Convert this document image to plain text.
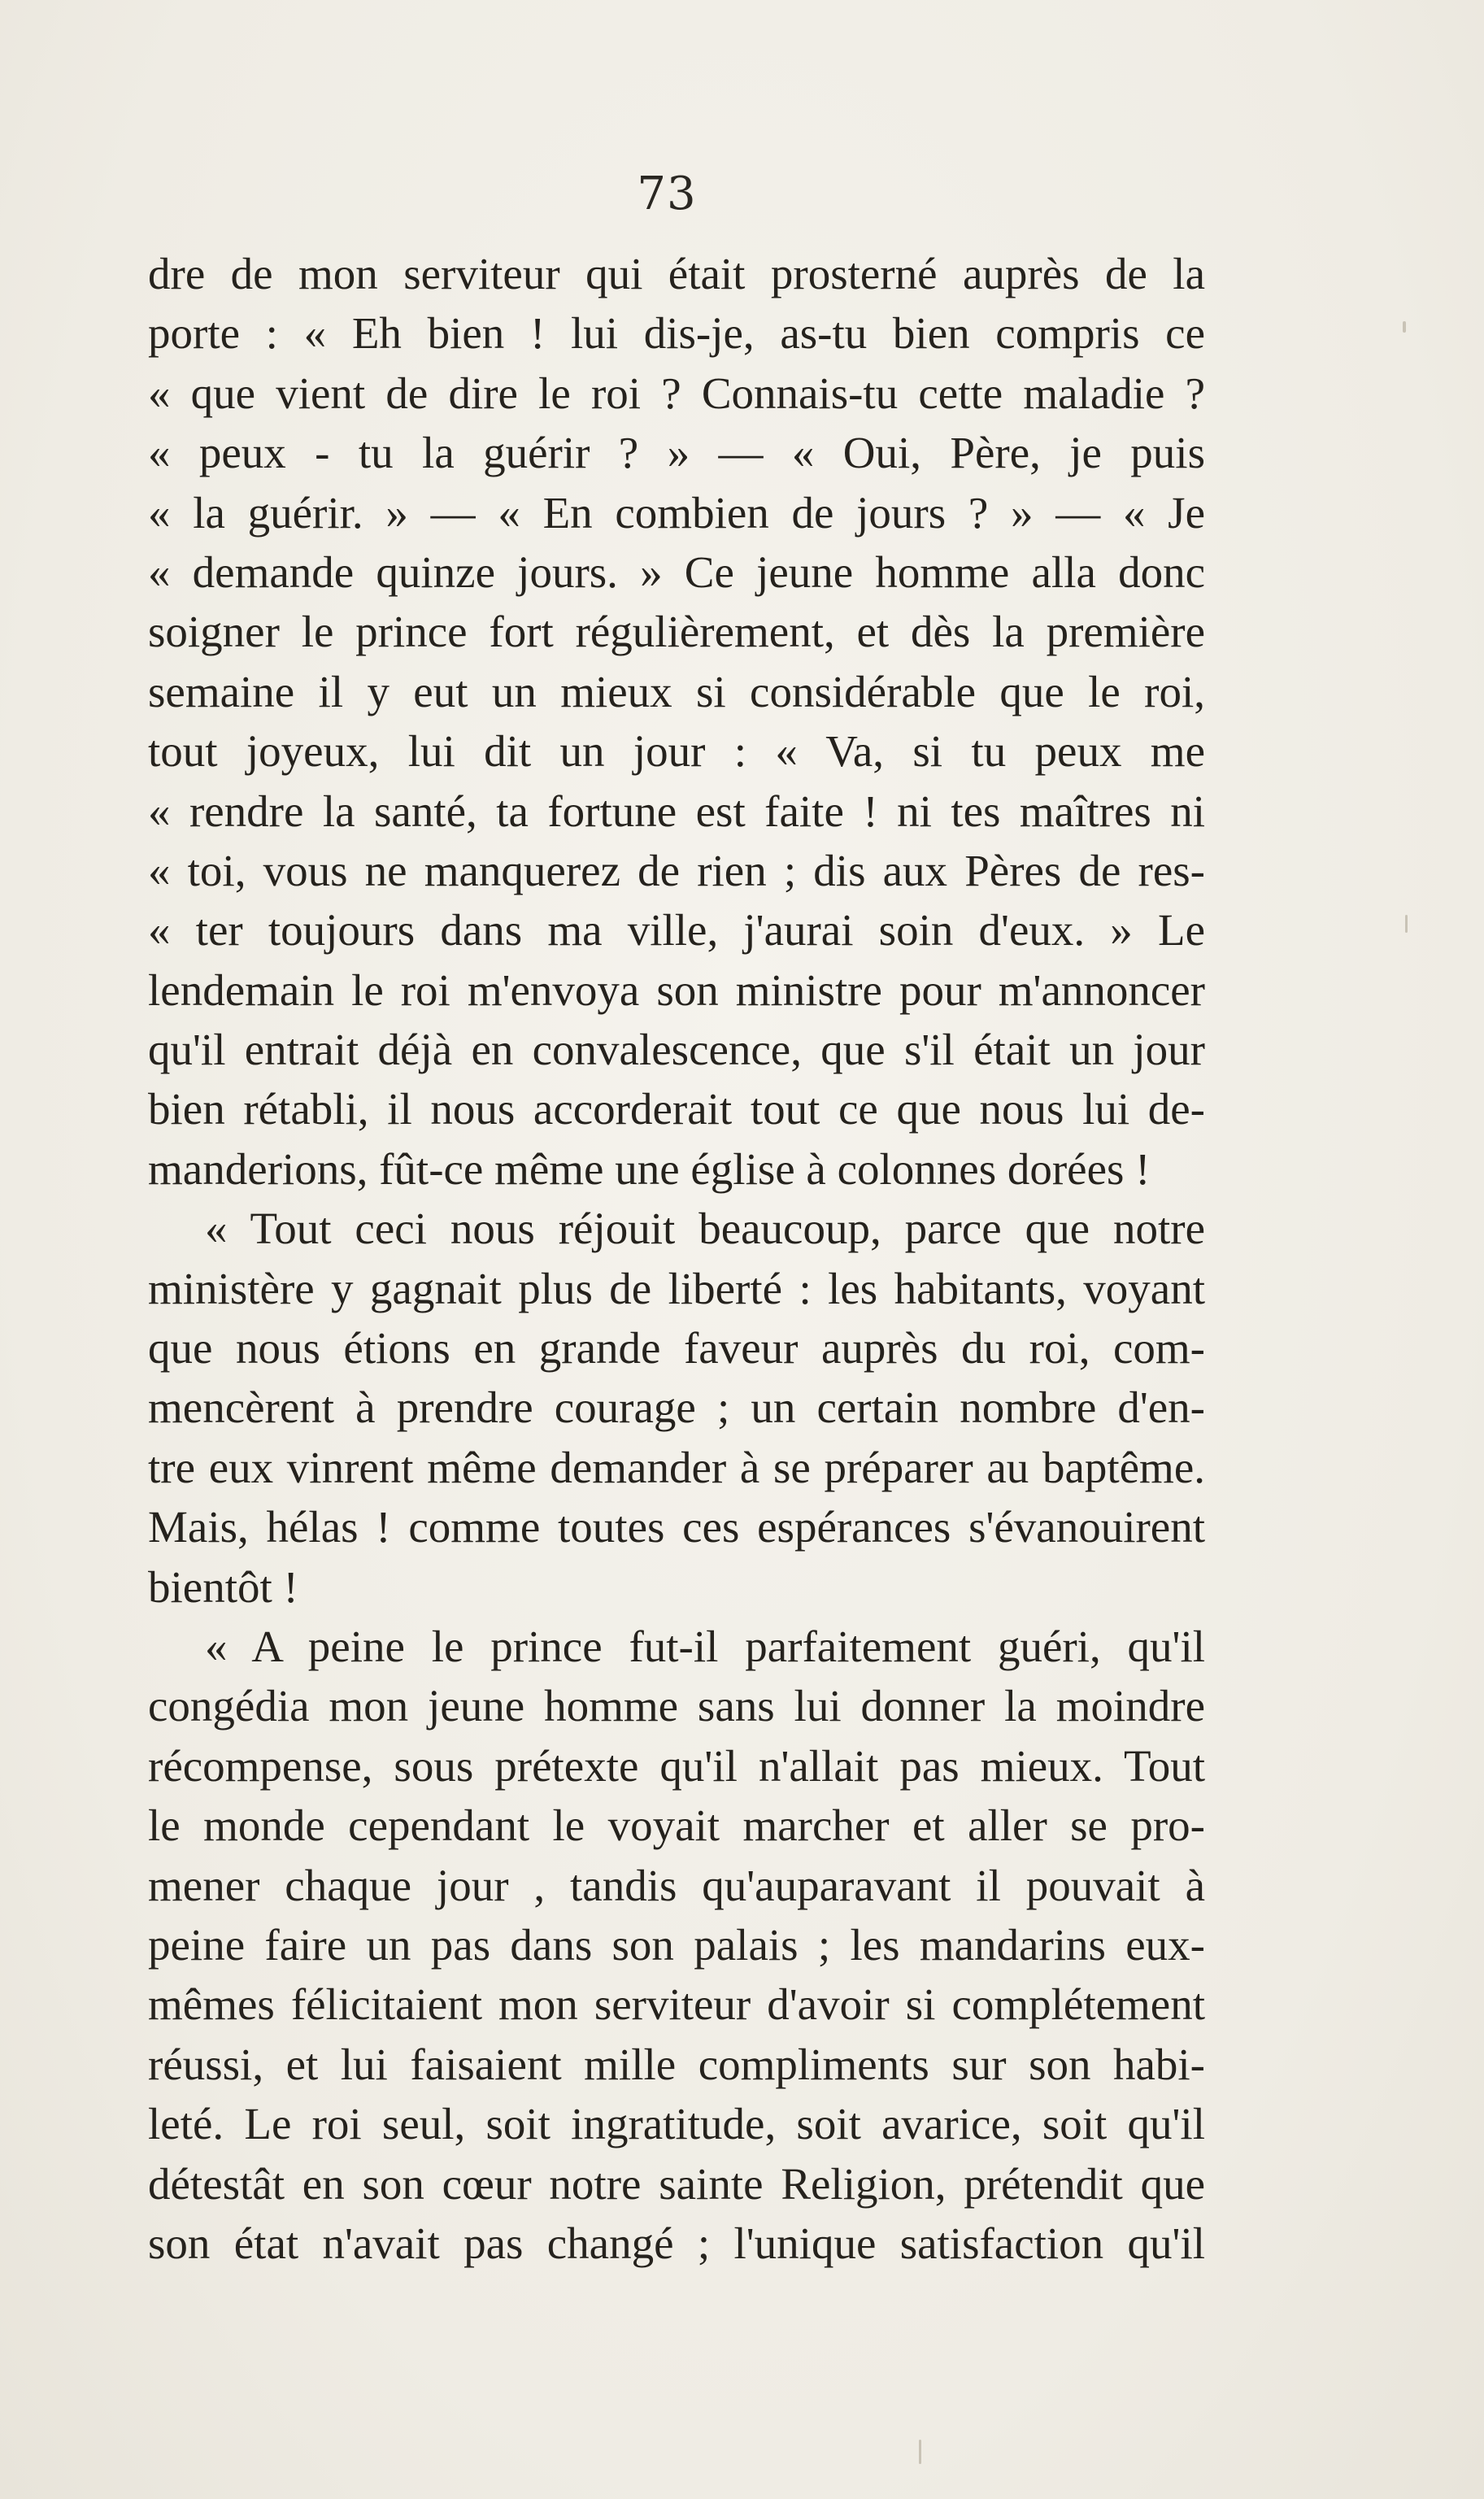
73
dre de mon serviteur qui était prosterné auprès de la
porte : « Eh bien ! lui dis-je, as-tu bien compris ce
« que vient de dire le roi ? Connais-tu cette maladie ?
« peux - tu la guérir ? » — « Oui, Père, je puis
« la guérir. » — « En combien de jours ? » — « Je
« demande quinze jours. » Ce jeune homme alla donc
soigner le prince fort régulièrement, et dès la première
semaine il y eut un mieux si considérable que le roi,
tout joyeux, lui dit un jour : « Va, si tu peux me
« rendre la santé, ta fortune est faite ! ni tes maîtres ni
« toi, vous ne manquerez de rien ; dis aux Pères de res-
« ter toujours dans ma ville, j'aurai soin d'eux. » Le
lendemain le roi m'envoya son ministre pour m'annoncer
qu'il entrait déjà en convalescence, que s'il était un jour
bien rétabli, il nous accorderait tout ce que nous lui de-
manderions, fût-ce même une église à colonnes dorées !
« Tout ceci nous réjouit beaucoup, parce que notre
ministère y gagnait plus de liberté : les habitants, voyant
que nous étions en grande faveur auprès du roi, com-
mencèrent à prendre courage ; un certain nombre d'en-
tre eux vinrent même demander à se préparer au baptême.
Mais, hélas ! comme toutes ces espérances s'évanouirent
bientôt !
« A peine le prince fut-il parfaitement guéri, qu'il
congédia mon jeune homme sans lui donner la moindre
récompense, sous prétexte qu'il n'allait pas mieux. Tout
le monde cependant le voyait marcher et aller se pro-
mener chaque jour , tandis qu'auparavant il pouvait à
peine faire un pas dans son palais ; les mandarins eux-
mêmes félicitaient mon serviteur d'avoir si complétement
réussi, et lui faisaient mille compliments sur son habi-
leté. Le roi seul, soit ingratitude, soit avarice, soit qu'il
détestât en son cœur notre sainte Religion, prétendit que
son état n'avait pas changé ; l'unique satisfaction qu'il
